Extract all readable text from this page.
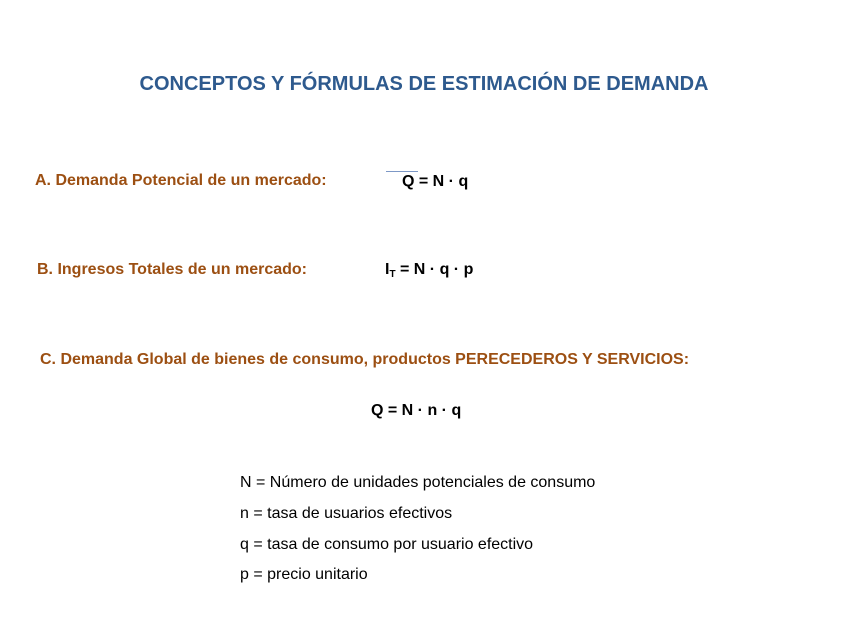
CONCEPTOS Y FÓRMULAS DE ESTIMACIÓN DE DEMANDA
A. Demanda Potencial de un mercado:	Q = N · q
B. Ingresos Totales de un mercado:	$I_T = N \cdot q \cdot p$
C. Demanda Global de bienes de consumo, productos PERECEDEROS Y SERVICIOS:
Q = N · n · q
N = Número de unidades potenciales de consumo
n = tasa de usuarios efectivos
q = tasa de consumo por usuario efectivo
p = precio unitario
